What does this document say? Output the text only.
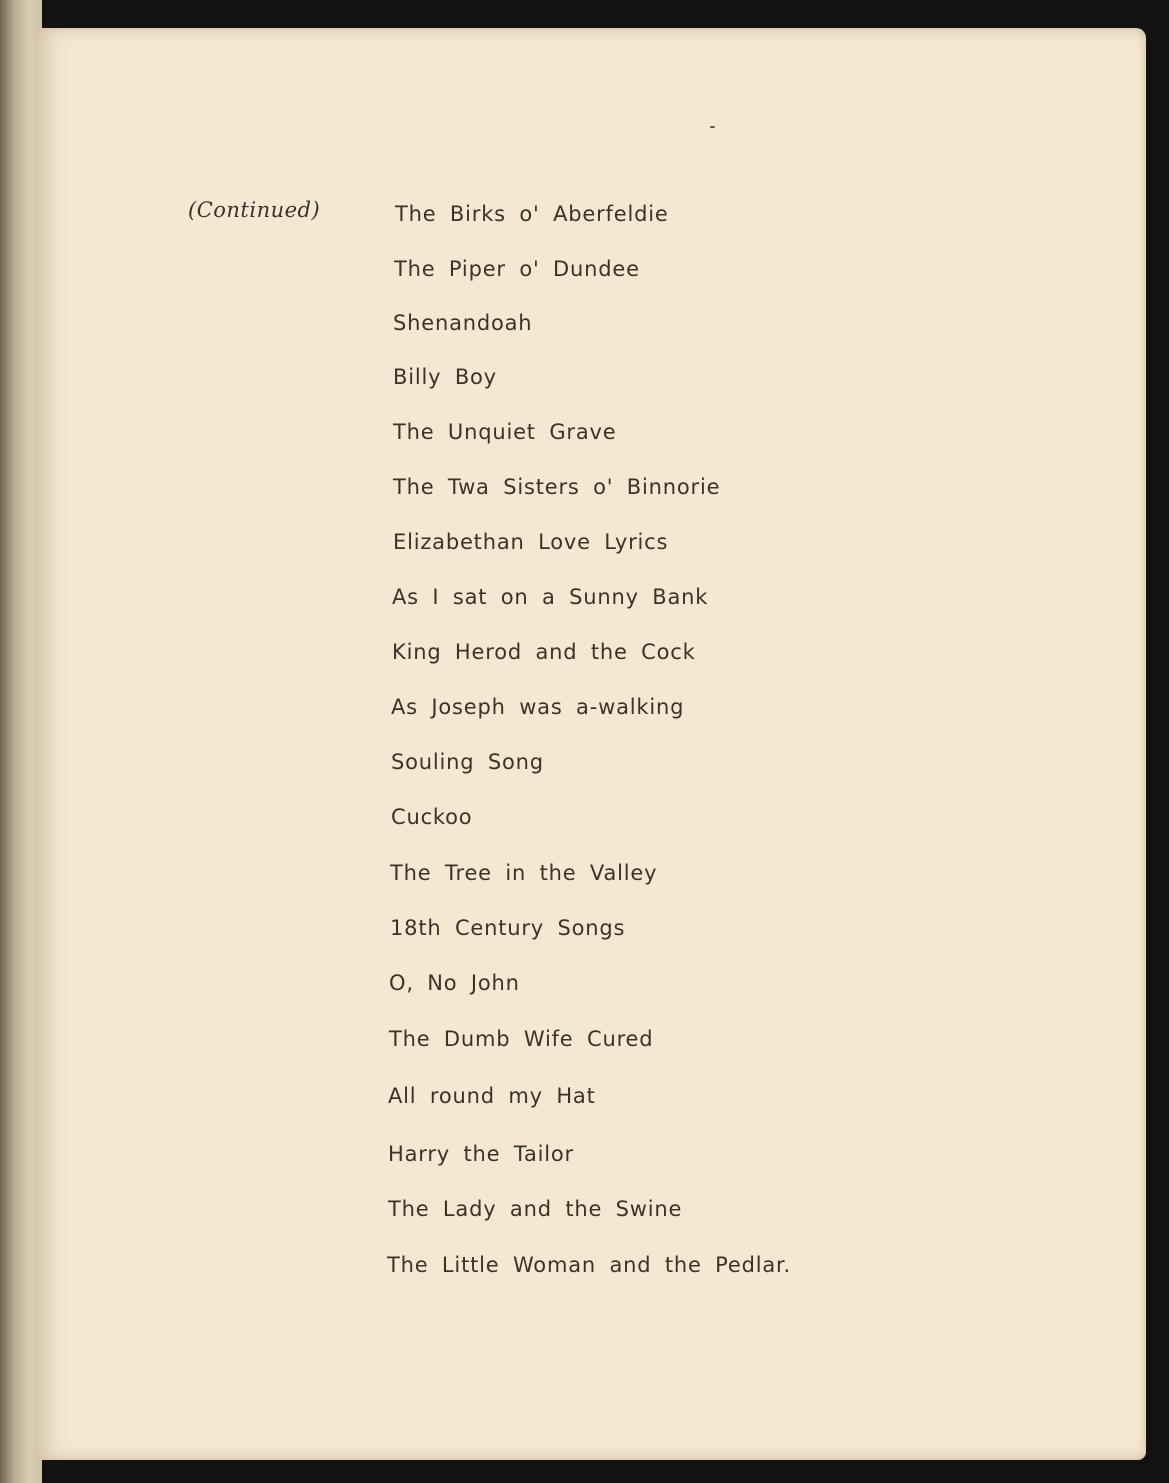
(Continued)	The Birks o' Aberfeldie
The Piper o' Dundee
Shenandoah
Billy Boy
The Unquiet Grave
The Twa Sisters o' Binnorie
Elizabethan Love Lyrics
As I sat on a Sunny Bank
King Herod and the Cock
As Joseph was a-walking
Souling Song
Cuckoo
The Tree in the Valley
18th Century Songs
O, No John
The Dumb Wife Cured
All round my Hat
Harry the Tailor
The Lady and the Swine
The Little Woman and the Pedlar.
